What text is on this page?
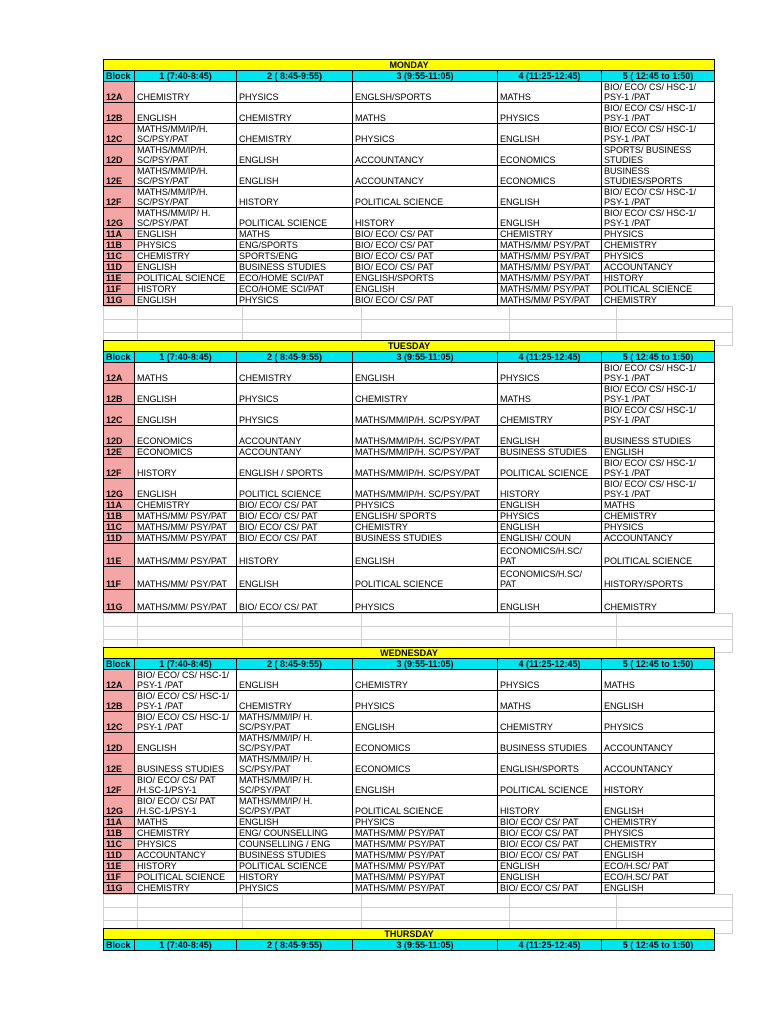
MONDAY					
Block	1 (7:40-8:45)	2 ( 8:45-9:55)	3 (9:55-11:05)	4 (11:25-12:45)	5 ( 12:45 to 1:50)
12A	CHEMISTRY	PHYSICS	ENGLSH/SPORTS	MATHS	BIO/ ECO/ CS/ HSC-1/ PSY-1 /PAT
12B	ENGLISH	CHEMISTRY	MATHS	PHYSICS	BIO/ ECO/ CS/ HSC-1/ PSY-1 /PAT
12C	MATHS/MM/IP/H. SC/PSY/PAT	CHEMISTRY	PHYSICS	ENGLISH	BIO/ ECO/ CS/ HSC-1/ PSY-1 /PAT
12D	MATHS/MM/IP/H. SC/PSY/PAT	ENGLISH	ACCOUNTANCY	ECONOMICS	SPORTS/ BUSINESS STUDIES
12E	MATHS/MM/IP/H. SC/PSY/PAT	ENGLISH	ACCOUNTANCY	ECONOMICS	BUSINESS STUDIES/SPORTS
12F	MATHS/MM/IP/H. SC/PSY/PAT	HISTORY	POLITICAL SCIENCE	ENGLISH	BIO/ ECO/ CS/ HSC-1/ PSY-1 /PAT
12G	MATHS/MM/IP/ H. SC/PSY/PAT	POLITICAL SCIENCE	HISTORY	ENGLISH	BIO/ ECO/ CS/ HSC-1/ PSY-1 /PAT
11A	ENGLISH	MATHS	BIO/ ECO/ CS/ PAT	CHEMISTRY	PHYSICS
11B	PHYSICS	ENG/SPORTS	BIO/ ECO/ CS/ PAT	MATHS/MM/ PSY/PAT	CHEMISTRY
11C	CHEMISTRY	SPORTS/ENG	BIO/ ECO/ CS/ PAT	MATHS/MM/ PSY/PAT	PHYSICS
11D	ENGLISH	BUSINESS STUDIES	BIO/ ECO/ CS/ PAT	MATHS/MM/ PSY/PAT	ACCOUNTANCY
11E	POLITICAL SCIENCE	ECO/HOME SCI/PAT	ENGLISH/SPORTS	MATHS/MM/ PSY/PAT	HISTORY
11F	HISTORY	ECO/HOME SCI/PAT	ENGLISH	MATHS/MM/ PSY/PAT	POLITICAL SCIENCE
11G	ENGLISH	PHYSICS	BIO/ ECO/ CS/ PAT	MATHS/MM/ PSY/PAT	CHEMISTRY

TUESDAY					
Block	1 (7:40-8:45)	2 ( 8:45-9:55)	3 (9:55-11:05)	4 (11:25-12:45)	5 ( 12:45 to 1:50)
12A	MATHS	CHEMISTRY	ENGLISH	PHYSICS	BIO/ ECO/ CS/ HSC-1/ PSY-1 /PAT
12B	ENGLISH	PHYSICS	CHEMISTRY	MATHS	BIO/ ECO/ CS/ HSC-1/ PSY-1 /PAT
12C	ENGLISH	PHYSICS	MATHS/MM/IP/H. SC/PSY/PAT	CHEMISTRY	BIO/ ECO/ CS/ HSC-1/ PSY-1 /PAT
12D	ECONOMICS	ACCOUNTANY	MATHS/MM/IP/H. SC/PSY/PAT	ENGLISH	BUSINESS STUDIES
12E	ECONOMICS	ACCOUNTANY	MATHS/MM/IP/H. SC/PSY/PAT	BUSINESS STUDIES	ENGLISH
12F	HISTORY	ENGLISH / SPORTS	MATHS/MM/IP/H. SC/PSY/PAT	POLITICAL SCIENCE	BIO/ ECO/ CS/ HSC-1/ PSY-1 /PAT
12G	ENGLISH	POLITICL SCIENCE	MATHS/MM/IP/H. SC/PSY/PAT	HISTORY	BIO/ ECO/ CS/ HSC-1/ PSY-1 /PAT
11A	CHEMISTRY	BIO/ ECO/ CS/ PAT	PHYSICS	ENGLISH	MATHS
11B	MATHS/MM/ PSY/PAT	BIO/ ECO/ CS/ PAT	ENGLISH/ SPORTS	PHYSICS	CHEMISTRY
11C	MATHS/MM/ PSY/PAT	BIO/ ECO/ CS/ PAT	CHEMISTRY	ENGLISH	PHYSICS
11D	MATHS/MM/ PSY/PAT	BIO/ ECO/ CS/ PAT	BUSINESS STUDIES	ENGLISH/ COUN	ACCOUNTANCY
11E	MATHS/MM/ PSY/PAT	HISTORY	ENGLISH	ECONOMICS/H.SC/ PAT	POLITICAL SCIENCE
11F	MATHS/MM/ PSY/PAT	ENGLISH	POLITICAL SCIENCE	ECONOMICS/H.SC/ PAT	HISTORY/SPORTS
11G	MATHS/MM/ PSY/PAT	BIO/ ECO/ CS/ PAT	PHYSICS	ENGLISH	CHEMISTRY

WEDNESDAY					
Block	1 (7:40-8:45)	2 ( 8:45-9:55)	3 (9:55-11:05)	4 (11:25-12:45)	5 ( 12:45 to 1:50)
12A	BIO/ ECO/ CS/ HSC-1/ PSY-1 /PAT	ENGLISH	CHEMISTRY	PHYSICS	MATHS
12B	BIO/ ECO/ CS/ HSC-1/ PSY-1 /PAT	CHEMISTRY	PHYSICS	MATHS	ENGLISH
12C	BIO/ ECO/ CS/ HSC-1/ PSY-1 /PAT	MATHS/MM/IP/ H. SC/PSY/PAT	ENGLISH	CHEMISTRY	PHYSICS
12D	ENGLISH	MATHS/MM/IP/ H. SC/PSY/PAT	ECONOMICS	BUSINESS STUDIES	ACCOUNTANCY
12E	BUSINESS STUDIES	MATHS/MM/IP/ H. SC/PSY/PAT	ECONOMICS	ENGLISH/SPORTS	ACCOUNTANCY
12F	BIO/ ECO/ CS/ PAT /H.SC-1/PSY-1	MATHS/MM/IP/ H. SC/PSY/PAT	ENGLISH	POLITICAL SCIENCE	HISTORY
12G	BIO/ ECO/ CS/ PAT /H.SC-1/PSY-1	MATHS/MM/IP/ H. SC/PSY/PAT	POLITICAL SCIENCE	HISTORY	ENGLISH
11A	MATHS	ENGLISH	PHYSICS	BIO/ ECO/ CS/ PAT	CHEMISTRY
11B	CHEMISTRY	ENG/ COUNSELLING	MATHS/MM/ PSY/PAT	BIO/ ECO/ CS/ PAT	PHYSICS
11C	PHYSICS	COUNSELLING / ENG	MATHS/MM/ PSY/PAT	BIO/ ECO/ CS/ PAT	CHEMISTRY
11D	ACCOUNTANCY	BUSINESS STUDIES	MATHS/MM/ PSY/PAT	BIO/ ECO/ CS/ PAT	ENGLISH
11E	HISTORY	POLITICAL SCIENCE	MATHS/MM/ PSY/PAT	ENGLISH	ECO/H.SC/ PAT
11F	POLITICAL SCIENCE	HISTORY	MATHS/MM/ PSY/PAT	ENGLISH	ECO/H.SC/ PAT
11G	CHEMISTRY	PHYSICS	MATHS/MM/ PSY/PAT	BIO/ ECO/ CS/ PAT	ENGLISH

THURSDAY
Block	1 (7:40-8:45)	2 ( 8:45-9:55)	3 (9:55-11:05)	4 (11:25-12:45)	5 ( 12:45 to 1:50)
